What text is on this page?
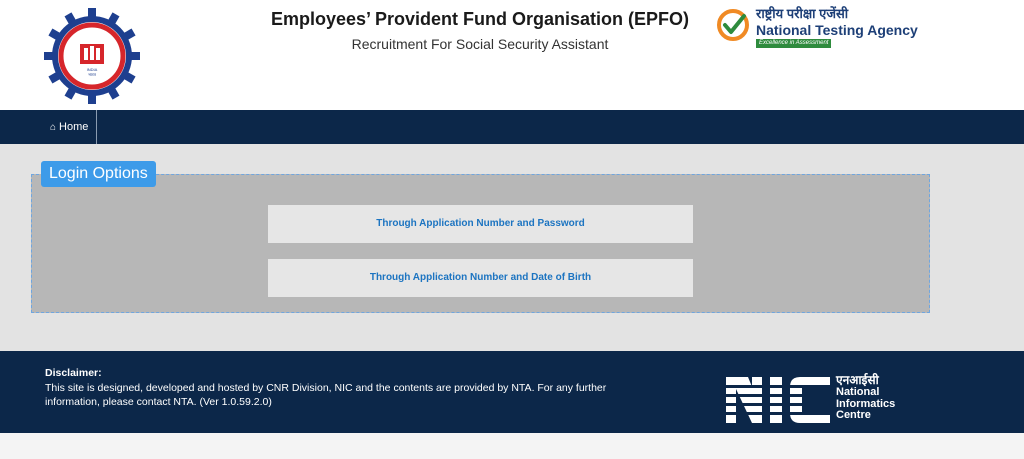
INDIA
भारत
Employees’ Provident Fund Organisation (EPFO)
Recruitment For Social Security Assistant
राष्ट्रीय परीक्षा एजेंसी
National Testing Agency
Excellence in Assessment
⌂ Home
Login Options
Through Application Number and Password
Through Application Number and Date of Birth
Disclaimer:
This site is designed, developed and hosted by CNR Division, NIC and the contents are provided by NTA. For any further information, please contact NTA. (Ver 1.0.59.2.0)
एनआईसी
National
Informatics
Centre
